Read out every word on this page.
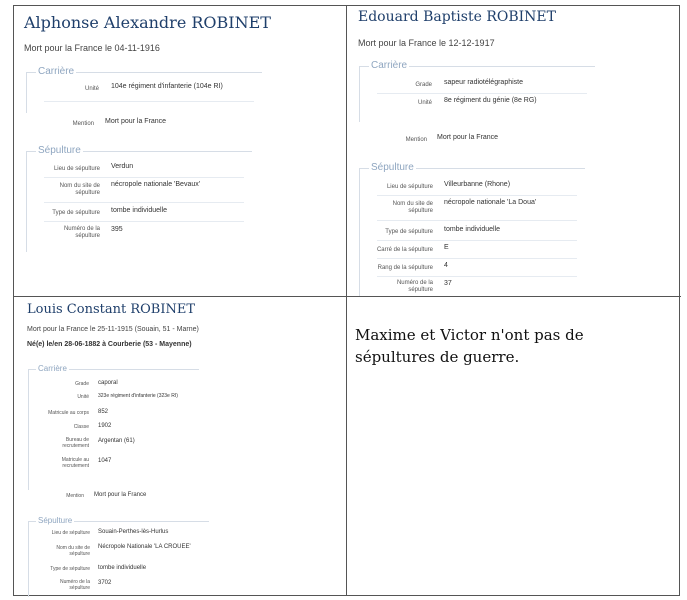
Alphonse Alexandre ROBINET
Mort pour la France le 04-11-1916
Carrière
Unité 104e régiment d'infanterie (104e RI)
Mention Mort pour la France
Sépulture
Lieu de sépulture Verdun
Nom du site de sépulture
nécropole nationale 'Bevaux'
Type de sépulture tombe individuelle
Numéro de la sépulture
395
Edouard Baptiste ROBINET
Mort pour la France le 12-12-1917
Carrière
Grade sapeur radiotélégraphiste
Unité 8e régiment du génie (8e RG)
Mention Mort pour la France
Sépulture
Lieu de sépulture Villeurbanne (Rhone)
Nom du site de sépulture
nécropole nationale 'La Doua'
Type de sépulture tombe individuelle
Carré de la sépulture E
Rang de la sépulture 4
Numéro de la sépulture
37
Louis Constant ROBINET
Mort pour la France le 25-11-1915 (Souain, 51 - Marne)
Né(e) le/en 28-06-1882 à Courberie (53 - Mayenne)
Carrière
Grade caporal
Unité 323e régiment d'infanterie (323e RI)
Matricule au corps 852
Classe 1902
Bureau de recrutement
Argentan (61)
Matricule au recrutement
1047
Mention Mort pour la France
Sépulture
Lieu de sépulture Souain-Perthes-lès-Hurlus
Nom du site de sépulture
Nécropole Nationale 'LA CROUEE'
Type de sépulture tombe individuelle
Numéro de la sépulture
3702
Maxime et Victor n'ont pas de sépultures de guerre.
